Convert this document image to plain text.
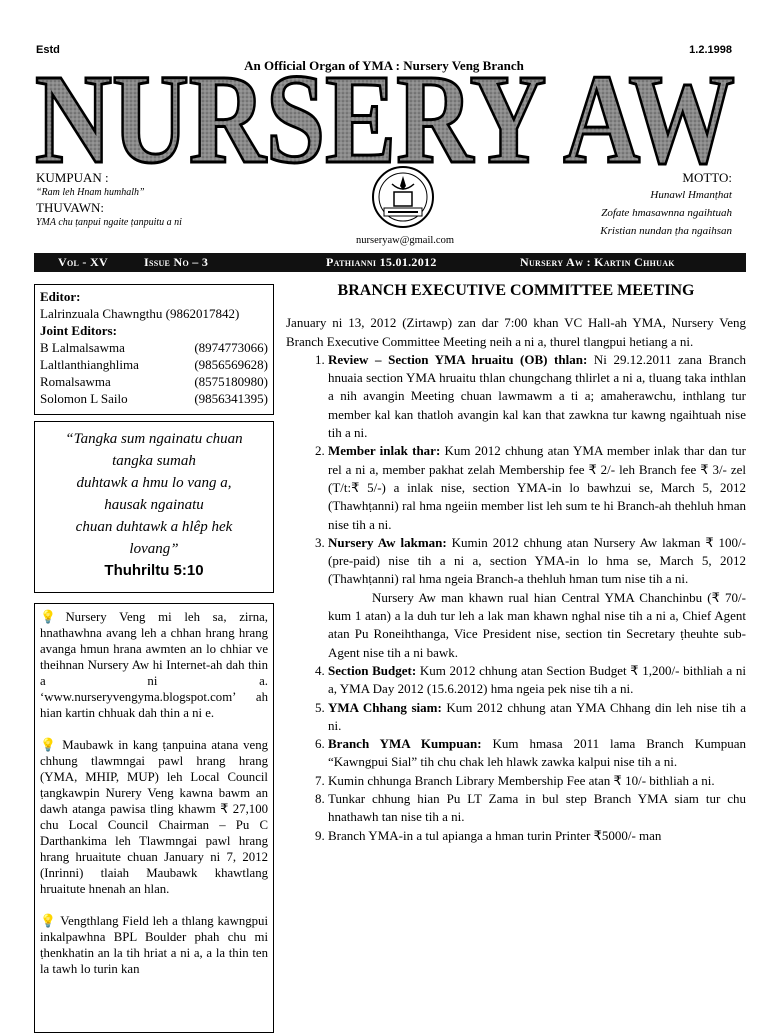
Estd	1.2.1998
NURSERY AW
An Official Organ of YMA : Nursery Veng Branch
KUMPUAN :
“Ram leh Hnam humhalh”
THUVAWN:
YMA chu ṭanpui ngaite ṭanpuitu a ni
nurseryaw@gmail.com
MOTTO:
Hunawl Hmanṭhat
Zofate hmasawnna ngaihtuah
Kristian nundan ṭha ngaihsan
Vol - XV	Issue No – 3	Pathianni 15.01.2012	Nursery Aw : Kartin Chhuak
Editor:
Lalrinzuala Chawngthu (9862017842)
Joint Editors:
B Lalmalsawma	(8974773066)
Laltlanthianghlima	(9856569628)
Romalsawma	(8575180980)
Solomon L Sailo	(9856341395)
“Tangka sum ngainatu chuan
tangka sumah
duhtawk a hmu lo vang a,
hausak ngainatu
chuan duhtawk a hlêp hek
lovang”
Thuhriltu 5:10

💡Nursery Veng mi leh sa, zirna, hnathawhna avang leh a chhan hrang hrang avanga hmun hrana awmten an lo chhiar ve theihnan Nursery Aw hi Internet-ah dah thin a ni a. ‘www.nurseryvengyma.blogspot.com’ ah hian kartin chhuak dah thin a ni e.

💡 Maubawk in kang ṭanpuina atana veng chhung tlawmngai pawl hrang hrang (YMA, MHIP, MUP) leh Local Council ṭangkawpin Nurery Veng kawna bawm an dawh atanga pawisa tling khawm ₹ 27,100 chu Local Council Chairman – Pu C Darthankima leh Tlawmngai pawl hrang hrang hruaitute chuan January ni 7, 2012 (Inrinni) tlaiah Maubawk khawtlang hruaitute hnenah an hlan.

💡 Vengthlang Field leh a thlang kawngpui inkalpawhna BPL Boulder phah chu mi ṭhenkhatin an la tih hriat a ni a, a la thin ten la tawh lo turin kan

BRANCH EXECUTIVE COMMITTEE MEETING

January ni 13, 2012 (Zirtawp) zan dar 7:00 khan VC Hall-ah YMA, Nursery Veng Branch Executive Committee Meeting neih a ni a, thurel tlangpui hetiang a ni.

1. Review – Section YMA hruaitu (OB) thlan: Ni 29.12.2011 zana Branch hnuaia section YMA hruaitu thlan chungchang thlirlet a ni a, tluang taka inthlan a nih avangin Meeting chuan lawmawm a ti a; amaherawchu, inthlang tur member kal kan thatloh avangin kal kan that zawkna tur kawng ngaihtuah nise tih a ni.
2. Member inlak thar: Kum 2012 chhung atan YMA member inlak thar dan tur rel a ni a, member pakhat zelah Membership fee ₹ 2/- leh Branch fee ₹ 3/- zel (T/t:₹ 5/-) a inlak nise, section YMA-in lo bawhzui se, March 5, 2012 (Thawhṭanni) ral hma ngeiin member list leh sum te hi Branch-ah thehluh hman nise tih a ni.
3. Nursery Aw lakman: Kumin 2012 chhung atan Nursery Aw lakman ₹ 100/- (pre-paid) nise tih a ni a, section YMA-in lo hma se, March 5, 2012 (Thawhṭanni) ral hma ngeia Branch-a thehluh hman tum nise tih a ni.
Nursery Aw man khawn rual hian Central YMA Chanchinbu (₹ 70/- kum 1 atan) a la duh tur leh a lak man khawn nghal nise tih a ni a, Chief Agent atan Pu Roneihthanga, Vice President nise, section tin Secretary ṭheuhte sub-Agent nise tih a ni bawk.
4. Section Budget: Kum 2012 chhung atan Section Budget ₹ 1,200/- bithliah a ni a, YMA Day 2012 (15.6.2012) hma ngeia pek nise tih a ni.
5. YMA Chhang siam: Kum 2012 chhung atan YMA Chhang din leh nise tih a ni.
6. Branch YMA Kumpuan: Kum hmasa 2011 lama Branch Kumpuan “Kawngpui Sial” tih chu chak leh hlawk zawka kalpui nise tih a ni.
7. Kumin chhunga Branch Library Membership Fee atan ₹ 10/- bithliah a ni.
8. Tunkar chhung hian Pu LT Zama in bul step Branch YMA siam tur chu hnathawh tan nise tih a ni.
9. Branch YMA-in a tul apianga a hman turin Printer ₹5000/- man
